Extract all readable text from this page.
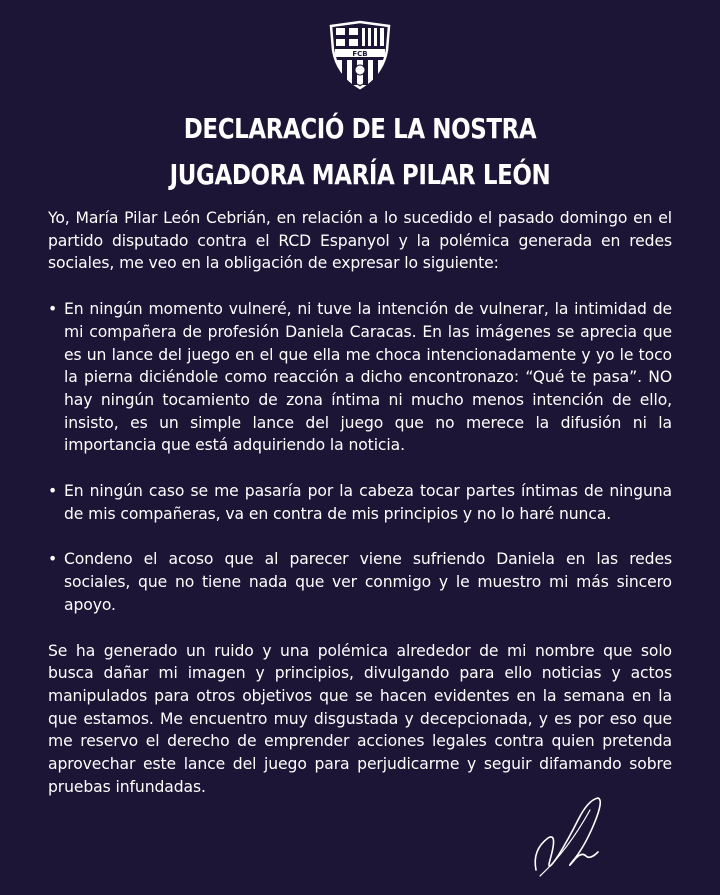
FCB
DECLARACIÓ DE LA NOSTRA
JUGADORA MARÍA PILAR LEÓN

Yo, María Pilar León Cebrián, en relación a lo sucedido el pasado domingo en el partido disputado contra el RCD Espanyol y la polémica generada en redes sociales, me veo en la obligación de expresar lo siguiente:

• En ningún momento vulneré, ni tuve la intención de vulnerar, la intimidad de mi compañera de profesión Daniela Caracas. En las imágenes se aprecia que es un lance del juego en el que ella me choca intencionadamente y yo le toco la pierna diciéndole como reacción a dicho encontronazo: “Qué te pasa”. NO hay ningún tocamiento de zona íntima ni mucho menos intención de ello, insisto, es un simple lance del juego que no merece la difusión ni la importancia que está adquiriendo la noticia.

• En ningún caso se me pasaría por la cabeza tocar partes íntimas de ninguna de mis compañeras, va en contra de mis principios y no lo haré nunca.

• Condeno el acoso que al parecer viene sufriendo Daniela en las redes sociales, que no tiene nada que ver conmigo y le muestro mi más sincero apoyo.

Se ha generado un ruido y una polémica alrededor de mi nombre que solo busca dañar mi imagen y principios, divulgando para ello noticias y actos manipulados para otros objetivos que se hacen evidentes en la semana en la que estamos. Me encuentro muy disgustada y decepcionada, y es por eso que me reservo el derecho de emprender acciones legales contra quien pretenda aprovechar este lance del juego para perjudicarme y seguir difamando sobre pruebas infundadas.
